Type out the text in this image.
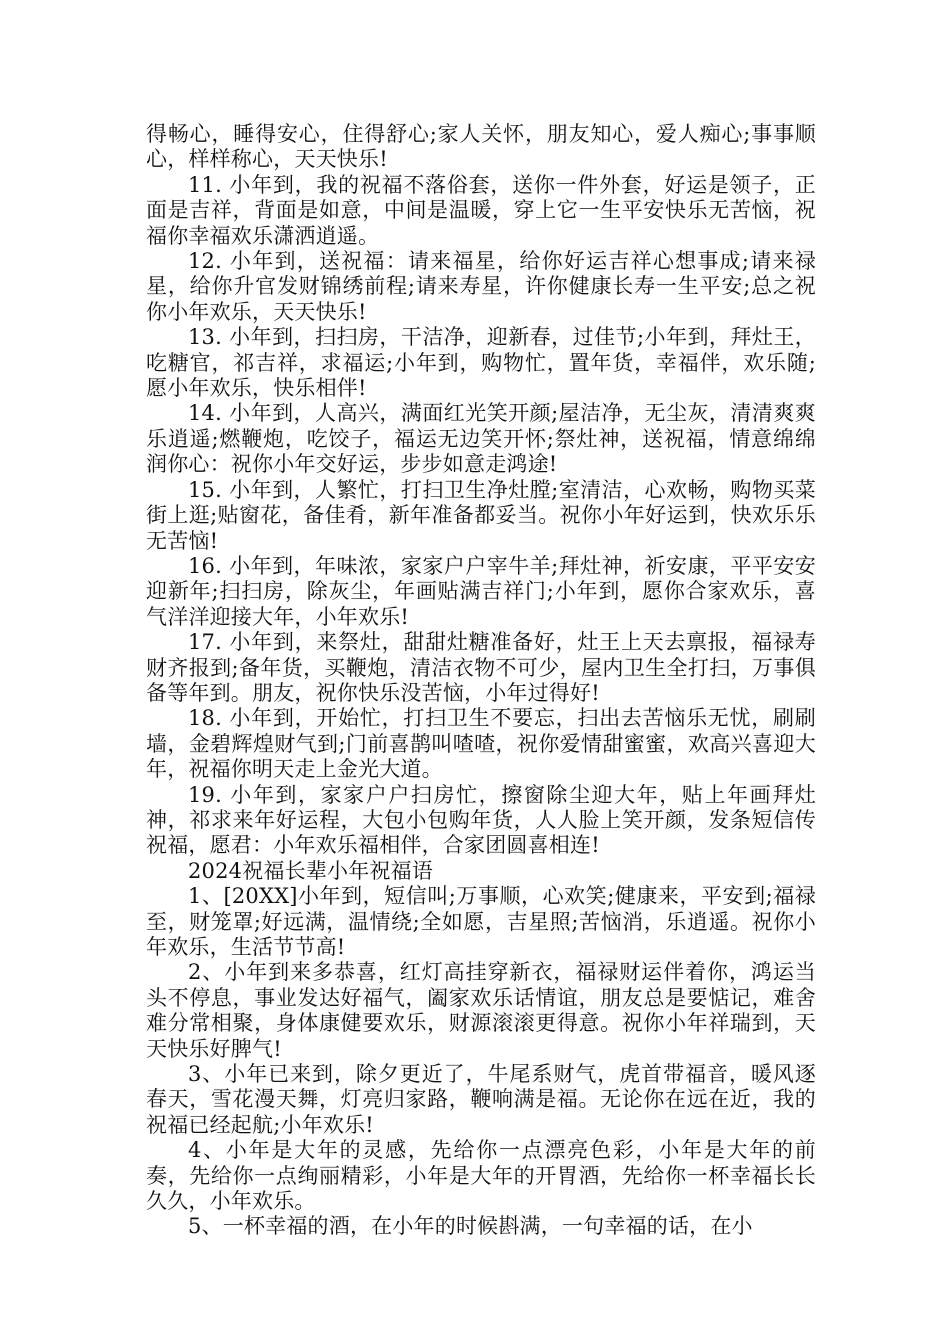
得畅心，睡得安心，住得舒心;家人关怀，朋友知心，爱人痴心;事事顺心，样样称心，天天快乐!

11. 小年到，我的祝福不落俗套，送你一件外套，好运是领子，正面是吉祥，背面是如意，中间是温暖，穿上它一生平安快乐无苦恼，祝福你幸福欢乐潇洒逍遥。

12. 小年到，送祝福：请来福星，给你好运吉祥心想事成;请来禄星，给你升官发财锦绣前程;请来寿星，许你健康长寿一生平安;总之祝你小年欢乐，天天快乐!

13. 小年到，扫扫房，干洁净，迎新春，过佳节;小年到，拜灶王，吃糖官，祁吉祥，求福运;小年到，购物忙，置年货，幸福伴，欢乐随;愿小年欢乐，快乐相伴!

14. 小年到，人高兴，满面红光笑开颜;屋洁净，无尘灰，清清爽爽乐逍遥;燃鞭炮，吃饺子，福运无边笑开怀;祭灶神，送祝福，情意绵绵润你心：祝你小年交好运，步步如意走鸿途!

15. 小年到，人繁忙，打扫卫生净灶膛;室清洁，心欢畅，购物买菜街上逛;贴窗花，备佳肴，新年准备都妥当。祝你小年好运到，快欢乐乐无苦恼!

16. 小年到，年味浓，家家户户宰牛羊;拜灶神，祈安康，平平安安迎新年;扫扫房，除灰尘，年画贴满吉祥门;小年到，愿你合家欢乐，喜气洋洋迎接大年，小年欢乐!

17. 小年到，来祭灶，甜甜灶糖准备好，灶王上天去禀报，福禄寿财齐报到;备年货，买鞭炮，清洁衣物不可少，屋内卫生全打扫，万事俱备等年到。朋友，祝你快乐没苦恼，小年过得好!

18. 小年到，开始忙，打扫卫生不要忘，扫出去苦恼乐无忧，刷刷墙，金碧辉煌财气到;门前喜鹊叫喳喳，祝你爱情甜蜜蜜，欢高兴喜迎大年，祝福你明天走上金光大道。

19. 小年到，家家户户扫房忙，擦窗除尘迎大年，贴上年画拜灶神，祁求来年好运程，大包小包购年货，人人脸上笑开颜，发条短信传祝福，愿君：小年欢乐福相伴，合家团圆喜相连!

2024祝福长辈小年祝福语

1、[20XX]小年到，短信叫;万事顺，心欢笑;健康来，平安到;福禄至，财笼罩;好远满，温情绕;全如愿，吉星照;苦恼消，乐逍遥。祝你小年欢乐，生活节节高!

2、小年到来多恭喜，红灯高挂穿新衣，福禄财运伴着你，鸿运当头不停息，事业发达好福气，阖家欢乐话情谊，朋友总是要惦记，难舍难分常相聚，身体康健要欢乐，财源滚滚更得意。祝你小年祥瑞到，天天快乐好脾气!

3、小年已来到，除夕更近了，牛尾系财气，虎首带福音，暖风逐春天，雪花漫天舞，灯亮归家路，鞭响满是福。无论你在远在近，我的祝福已经起航;小年欢乐!

4、小年是大年的灵感，先给你一点漂亮色彩，小年是大年的前奏，先给你一点绚丽精彩，小年是大年的开胃酒，先给你一杯幸福长长久久，小年欢乐。

5、一杯幸福的酒，在小年的时候斟满，一句幸福的话，在小
